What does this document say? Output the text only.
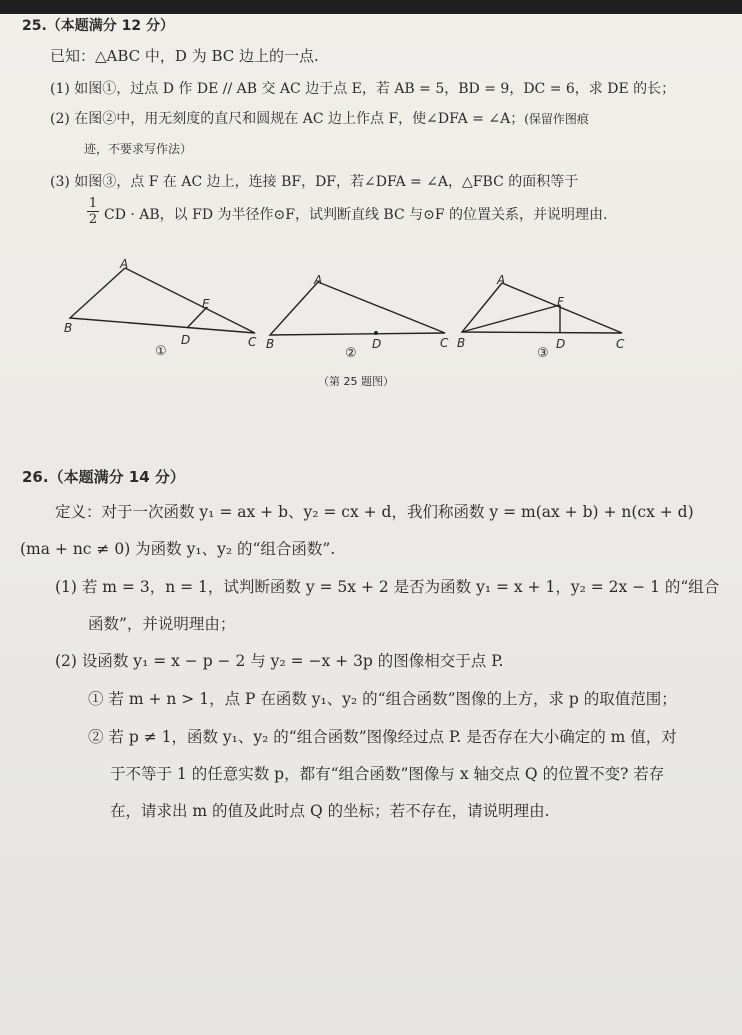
25.（本题满分 12 分）
已知：△ABC 中，D 为 BC 边上的一点.
(1) 如图①，过点 D 作 DE // AB 交 AC 边于点 E，若 AB = 5，BD = 9，DC = 6，求 DE 的长；
(2) 在图②中，用无刻度的直尺和圆规在 AC 边上作点 F，使∠DFA = ∠A；(保留作图痕
迹，不要求写作法）
(3) 如图③，点 F 在 AC 边上，连接 BF，DF，若∠DFA = ∠A，△FBC 的面积等于
1
2 CD · AB，以 FD 为半径作⊙F，试判断直线 BC 与⊙F 的位置关系，并说明理由.
A
B
C
D
E
①
A
B	C
D
②
A
B	C
D
F
③
（第 25 题图）
26.（本题满分 14 分）
定义：对于一次函数 y₁ = ax + b、y₂ = cx + d，我们称函数 y = m(ax + b) + n(cx + d)
(ma + nc ≠ 0) 为函数 y₁、y₂ 的“组合函数”.
(1) 若 m = 3，n = 1，试判断函数 y = 5x + 2 是否为函数 y₁ = x + 1，y₂ = 2x − 1 的“组合
函数”，并说明理由；
(2) 设函数 y₁ = x − p − 2 与 y₂ = −x + 3p 的图像相交于点 P.
① 若 m + n > 1，点 P 在函数 y₁、y₂ 的“组合函数”图像的上方，求 p 的取值范围；
② 若 p ≠ 1，函数 y₁、y₂ 的“组合函数”图像经过点 P. 是否存在大小确定的 m 值，对
于不等于 1 的任意实数 p，都有“组合函数”图像与 x 轴交点 Q 的位置不变? 若存
在，请求出 m 的值及此时点 Q 的坐标；若不存在，请说明理由.
